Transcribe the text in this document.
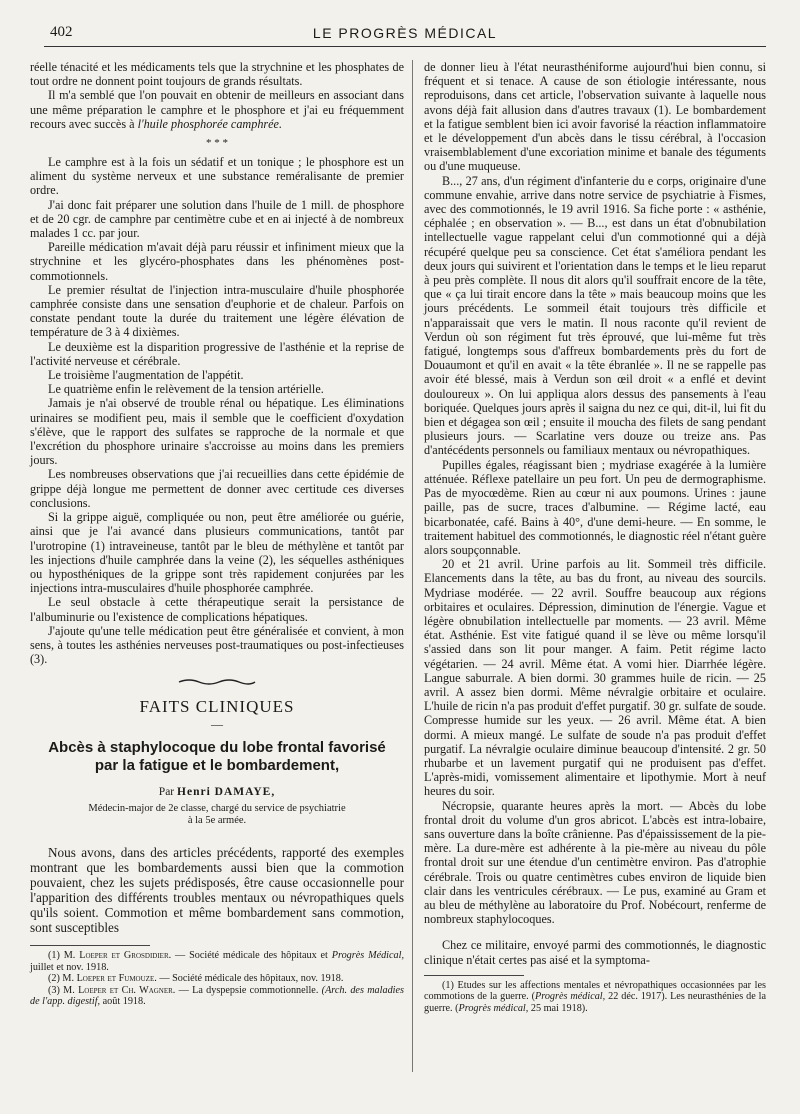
402	LE PROGRÈS MÉDICAL

réelle ténacité et les médicaments tels que la strychnine et les phosphates de tout ordre ne donnent point toujours de grands résultats.

Il m'a semblé que l'on pouvait en obtenir de meilleurs en associant dans une même préparation le camphre et le phosphore et j'ai eu fréquemment recours avec succès à l'huile phosphorée camphrée.

* * *

Le camphre est à la fois un sédatif et un tonique ; le phosphore est un aliment du système nerveux et une substance reméralisante de premier ordre.

J'ai donc fait préparer une solution dans l'huile de 1 mill. de phosphore et de 20 cgr. de camphre par centimètre cube et en ai injecté à de nombreux malades 1 cc. par jour.

Pareille médication m'avait déjà paru réussir et infiniment mieux que la strychnine et les glycéro-phosphates dans les phénomènes post-commotionnels.

Le premier résultat de l'injection intra-musculaire d'huile phosphorée camphrée consiste dans une sensation d'euphorie et de chaleur. Parfois on constate pendant toute la durée du traitement une légère élévation de température de 3 à 4 dixièmes.

Le deuxième est la disparition progressive de l'asthénie et la reprise de l'activité nerveuse et cérébrale.

Le troisième l'augmentation de l'appétit.

Le quatrième enfin le relèvement de la tension artérielle.

Jamais je n'ai observé de trouble rénal ou hépatique. Les éliminations urinaires se modifient peu, mais il semble que le coefficient d'oxydation s'élève, que le rapport des sulfates se rapproche de la normale et que l'excrétion du phosphore urinaire s'accroisse au moins dans les premiers jours.

Les nombreuses observations que j'ai recueillies dans cette épidémie de grippe déjà longue me permettent de donner avec certitude ces diverses conclusions.

Si la grippe aiguë, compliquée ou non, peut être améliorée ou guérie, ainsi que je l'ai avancé dans plusieurs communications, tantôt par l'urotropine (1) intraveineuse, tantôt par le bleu de méthylène et tantôt par les injections d'huile camphrée dans la veine (2), les séquelles asthéniques ou hyposthéniques de la grippe sont très rapidement conjurées par les injections intra-musculaires d'huile phosphorée camphrée.

Le seul obstacle à cette thérapeutique serait la persistance de l'albuminurie ou l'existence de complications hépatiques.

J'ajoute qu'une telle médication peut être généralisée et convient, à mon sens, à toutes les asthénies nerveuses post-traumatiques ou post-infectieuses (3).

FAITS CLINIQUES
—
Abcès à staphylocoque du lobe frontal favorisé par la fatigue et le bombardement,
Par Henri DAMAYE,
Médecin-major de 2e classe, chargé du service de psychiatrie
à la 5e armée.

Nous avons, dans des articles précédents, rapporté des exemples montrant que les bombardements aussi bien que la commotion pouvaient, chez les sujets prédisposés, être cause occasionnelle pour l'apparition des différents troubles mentaux ou névropathiques quels qu'ils soient. Commotion et même bombardement sans commotion, sont susceptibles

(1) M. Loeper et Grosdidier. — Société médicale des hôpitaux et Progrès Médical, juillet et nov. 1918.

(2) M. Loeper et Fumouze. — Société médicale des hôpitaux, nov. 1918.

(3) M. Loeper et Ch. Wagner. — La dyspepsie commotionnelle. (Arch. des maladies de l'app. digestif, août 1918.

de donner lieu à l'état neurasthéniforme aujourd'hui bien connu, si fréquent et si tenace. A cause de son étiologie intéressante, nous reproduisons, dans cet article, l'observation suivante à laquelle nous avons déjà fait allusion dans d'autres travaux (1). Le bombardement et la fatigue semblent bien ici avoir favorisé la réaction inflammatoire et le développement d'un abcès dans le tissu cérébral, à l'occasion vraisemblablement d'une excoriation minime et banale des téguments ou d'une muqueuse.

B..., 27 ans, d'un régiment d'infanterie du e corps, originaire d'une commune envahie, arrive dans notre service de psychiatrie à Fismes, avec des commotionnés, le 19 avril 1916. Sa fiche porte : « asthénie, céphalée ; en observation ». — B..., est dans un état d'obnubilation intellectuelle vague rappelant celui d'un commotionné qui a déjà récupéré quelque peu sa conscience. Cet état s'améliora pendant les deux jours qui suivirent et l'orientation dans le temps et le lieu reparut à peu près complète. Il nous dit alors qu'il souffrait encore de la tête, que « ça lui tirait encore dans la tête » mais beaucoup moins que les jours précédents. Le sommeil était toujours très difficile et n'apparaissait que vers le matin. Il nous raconte qu'il revient de Verdun où son régiment fut très éprouvé, que lui-même fut très fatigué, longtemps sous d'affreux bombardements près du fort de Douaumont et qu'il en avait « la tête ébranlée ». Il ne se rappelle pas avoir été blessé, mais à Verdun son œil droit « a enflé et devint douloureux ». On lui appliqua alors dessus des pansements à l'eau boriquée. Quelques jours après il saigna du nez ce qui, dit-il, lui fit du bien et dégagea son œil ; ensuite il moucha des filets de sang pendant plusieurs jours. — Scarlatine vers douze ou treize ans. Pas d'antécédents personnels ou familiaux mentaux ou névropathiques.

Pupilles égales, réagissant bien ; mydriase exagérée à la lumière atténuée. Réflexe patellaire un peu fort. Un peu de dermographisme. Pas de myocœdème. Rien au cœur ni aux poumons. Urines : jaune paille, pas de sucre, traces d'albumine. — Régime lacté, eau bicarbonatée, café. Bains à 40°, d'une demi-heure. — En somme, le traitement habituel des commotionnés, le diagnostic réel n'étant guère alors soupçonnable.

20 et 21 avril. Urine parfois au lit. Sommeil très difficile. Elancements dans la tête, au bas du front, au niveau des sourcils. Mydriase modérée. — 22 avril. Souffre beaucoup aux régions orbitaires et oculaires. Dépression, diminution de l'énergie. Vague et légère obnubilation intellectuelle par moments. — 23 avril. Même état. Asthénie. Est vite fatigué quand il se lève ou même lorsqu'il s'assied dans son lit pour manger. A faim. Petit régime lacto végétarien. — 24 avril. Même état. A vomi hier. Diarrhée légère. Langue saburrale. A bien dormi. 30 grammes huile de ricin. — 25 avril. A assez bien dormi. Même névralgie orbitaire et oculaire. L'huile de ricin n'a pas produit d'effet purgatif. 30 gr. sulfate de soude. Compresse humide sur les yeux. — 26 avril. Même état. A bien dormi. A mieux mangé. Le sulfate de soude n'a pas produit d'effet purgatif. La névralgie oculaire diminue beaucoup d'intensité. 2 gr. 50 rhubarbe et un lavement purgatif qui ne produisent pas d'effet. L'après-midi, vomissement alimentaire et lipothymie. Mort à neuf heures du soir.

Nécropsie, quarante heures après la mort. — Abcès du lobe frontal droit du volume d'un gros abricot. L'abcès est intra-lobaire, sans ouverture dans la boîte crânienne. Pas d'épaississement de la pie-mère. La dure-mère est adhérente à la pie-mère au niveau du pôle frontal droit sur une étendue d'un centimètre environ. Pas d'atrophie cérébrale. Trois ou quatre centimètres cubes environ de liquide bien clair dans les ventricules cérébraux. — Le pus, examiné au Gram et au bleu de méthylène au laboratoire du Prof. Nobécourt, renferme de nombreux staphylocoques.

Chez ce militaire, envoyé parmi des commotionnés, le diagnostic clinique n'était certes pas aisé et la symptoma-

(1) Etudes sur les affections mentales et névropathiques occasionnées par les commotions de la guerre. (Progrès médical, 22 déc. 1917). Les neurasthénies de la guerre. (Progrès médical, 25 mai 1918).
